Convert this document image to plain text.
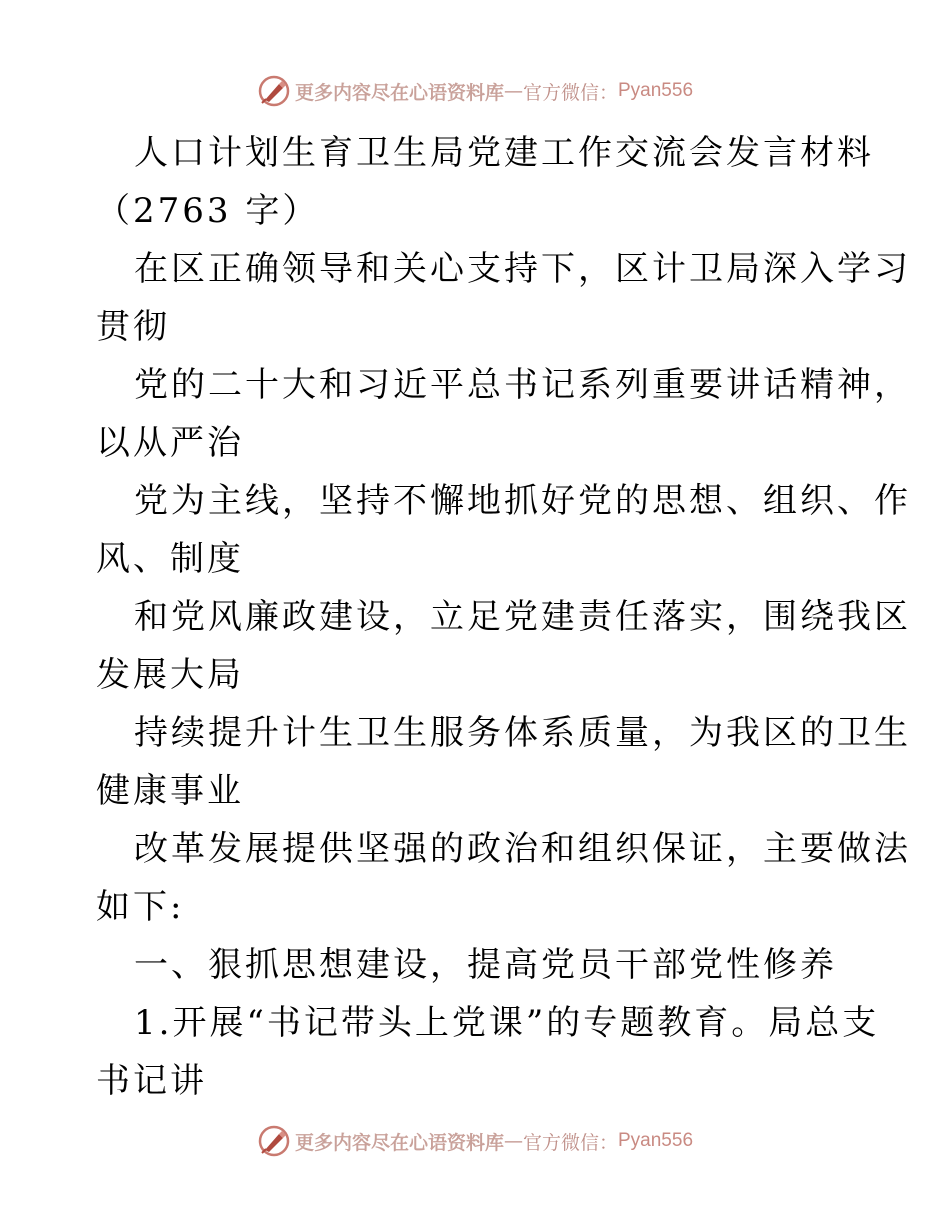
更多内容尽在心语资料库 — 官方微信： Pyan556
人口计划生育卫生局党建工作交流会发言材料
（2763 字）
在区正确领导和关心支持下，区计卫局深入学习
贯彻
党的二十大和习近平总书记系列重要讲话精神，
以从严治
党为主线，坚持不懈地抓好党的思想、组织、作
风、制度
和党风廉政建设，立足党建责任落实，围绕我区
发展大局
持续提升计生卫生服务体系质量，为我区的卫生
健康事业
改革发展提供坚强的政治和组织保证，主要做法
如下:
一、狠抓思想建设，提高党员干部党性修养
1.开展“书记带头上党课”的专题教育。局总支
书记讲
更多内容尽在心语资料库 — 官方微信： Pyan556
